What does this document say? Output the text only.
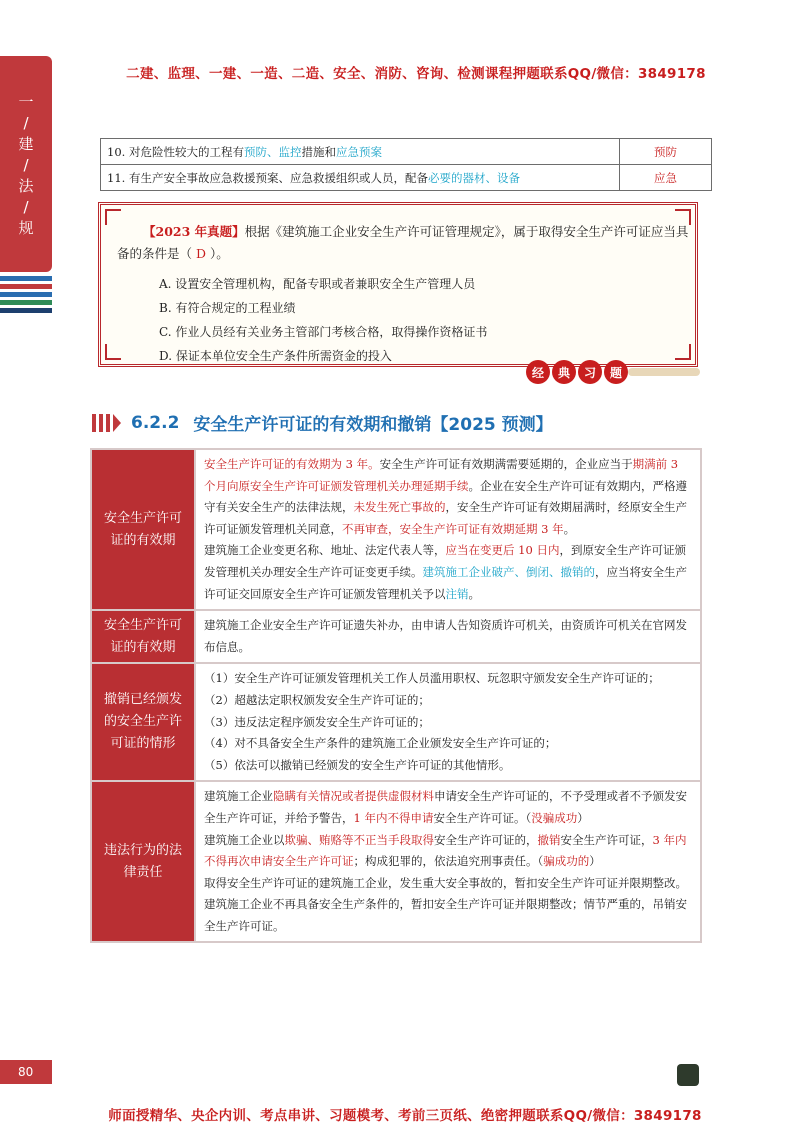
二建、监理、一建、一造、二造、安全、消防、咨询、检测课程押题联系QQ/微信：3849178
一
/
建
/
法
/
规
10. 对危险性较大的工程有预防、监控措施和应急预案	预防
11. 有生产安全事故应急救援预案、应急救援组织或人员，配备必要的器材、设备	应急
【2023 年真题】根据《建筑施工企业安全生产许可证管理规定》，属于取得安全生产许可证应当具备的条件是（ D ）。
A. 设置安全管理机构，配备专职或者兼职安全生产管理人员
B. 有符合规定的工程业绩
C. 作业人员经有关业务主管部门考核合格，取得操作资格证书
D. 保证本单位安全生产条件所需资金的投入
经	典	习	题
6.2.2 安全生产许可证的有效期和撤销【2025 预测】
安全生产许可证的有效期	安全生产许可证的有效期为 3 年。安全生产许可证有效期满需要延期的，企业应当于期满前 3 个月向原安全生产许可证颁发管理机关办理延期手续。企业在安全生产许可证有效期内，严格遵守有关安全生产的法律法规，未发生死亡事故的，安全生产许可证有效期届满时，经原安全生产许可证颁发管理机关同意，不再审查，安全生产许可证有效期延期 3 年。

建筑施工企业变更名称、地址、法定代表人等，应当在变更后 10 日内，到原安全生产许可证颁发管理机关办理安全生产许可证变更手续。建筑施工企业破产、倒闭、撤销的，应当将安全生产许可证交回原安全生产许可证颁发管理机关予以注销。

安全生产许可证的有效期	建筑施工企业安全生产许可证遗失补办，由申请人告知资质许可机关，由资质许可机关在官网发布信息。
撤销已经颁发的安全生产许可证的情形	（1）安全生产许可证颁发管理机关工作人员滥用职权、玩忽职守颁发安全生产许可证的；

（2）超越法定职权颁发安全生产许可证的；

（3）违反法定程序颁发安全生产许可证的；

（4）对不具备安全生产条件的建筑施工企业颁发安全生产许可证的；

（5）依法可以撤销已经颁发的安全生产许可证的其他情形。

违法行为的法律责任	建筑施工企业隐瞒有关情况或者提供虚假材料申请安全生产许可证的，不予受理或者不予颁发安全生产许可证，并给予警告，1 年内不得申请安全生产许可证。（没骗成功）

建筑施工企业以欺骗、贿赂等不正当手段取得安全生产许可证的，撤销安全生产许可证，3 年内不得再次申请安全生产许可证；构成犯罪的，依法追究刑事责任。（骗成功的）

取得安全生产许可证的建筑施工企业，发生重大安全事故的，暂扣安全生产许可证并限期整改。

建筑施工企业不再具备安全生产条件的，暂扣安全生产许可证并限期整改；情节严重的，吊销安全生产许可证。

80
师面授精华、央企内训、考点串讲、习题模考、考前三页纸、绝密押题联系QQ/微信：3849178
